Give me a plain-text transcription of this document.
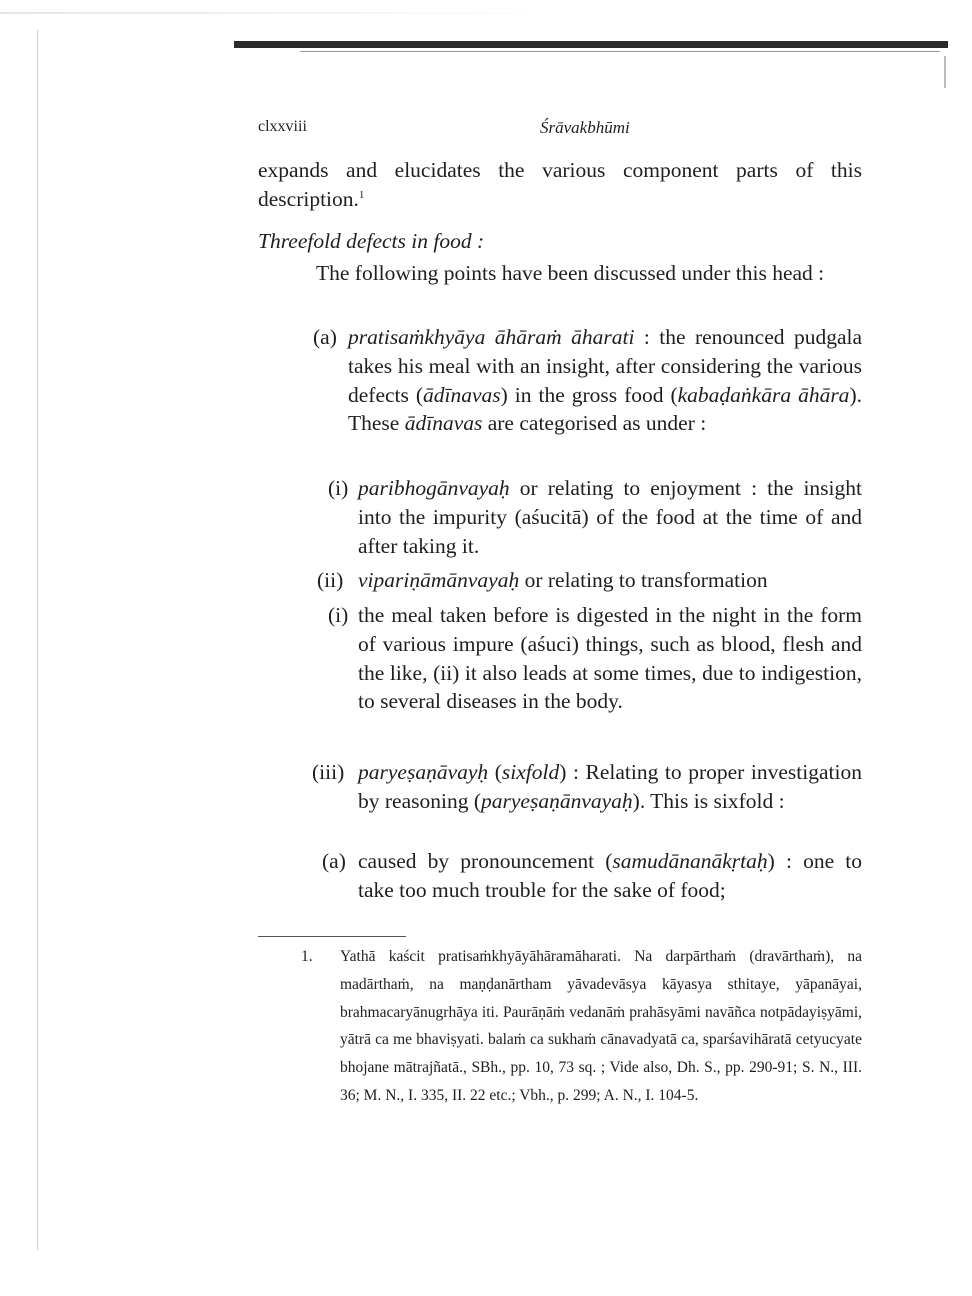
clxxviii	Śrāvakbhūmi
expands and elucidates the various component parts of this description.$^1$
Threefold defects in food :
The following points have been discussed under this head :
(a) pratisaṁkhyāya āhāraṁ āharati : the renounced pudgala takes his meal with an insight, after considering the various defects (ādīnavas) in the gross food (kabaḍaṅkāra āhāra). These ādīnavas are categorised as under :
(i) paribhogānvayaḥ or relating to enjoyment : the insight into the impurity (aśucitā) of the food at the time of and after taking it.
(ii) vipariṇāmānvayaḥ or relating to transformation
(i) the meal taken before is digested in the night in the form of various impure (aśuci) things, such as blood, flesh and the like, (ii) it also leads at some times, due to indigestion, to several diseases in the body.
(iii) paryeṣaṇāvayḥ (sixfold) : Relating to proper investigation by reasoning (paryeṣaṇānvayaḥ). This is sixfold :
(a) caused by pronouncement (samudānanākṛtaḥ) : one to take too much trouble for the sake of food;
1. Yathā kaścit pratisaṁkhyāyāhāramāharati. Na darpārthaṁ (dravārthaṁ), na madārthaṁ, na maṇḍanārtham yāvadevāsya kāyasya sthitaye, yāpanāyai, brahmacaryānugrhāya iti. Paurāṇāṁ vedanāṁ prahāsyāmi navāñca notpādayiṣyāmi, yātrā ca me bhaviṣyati. balaṁ ca sukhaṁ cānavadyatā ca, sparśavihāratā cetyucyate bhojane mātrajñatā., SBh., pp. 10, 73 sq. ; Vide also, Dh. S., pp. 290-91; S. N., III. 36; M. N., I. 335, II. 22 etc.; Vbh., p. 299; A. N., I. 104-5.
